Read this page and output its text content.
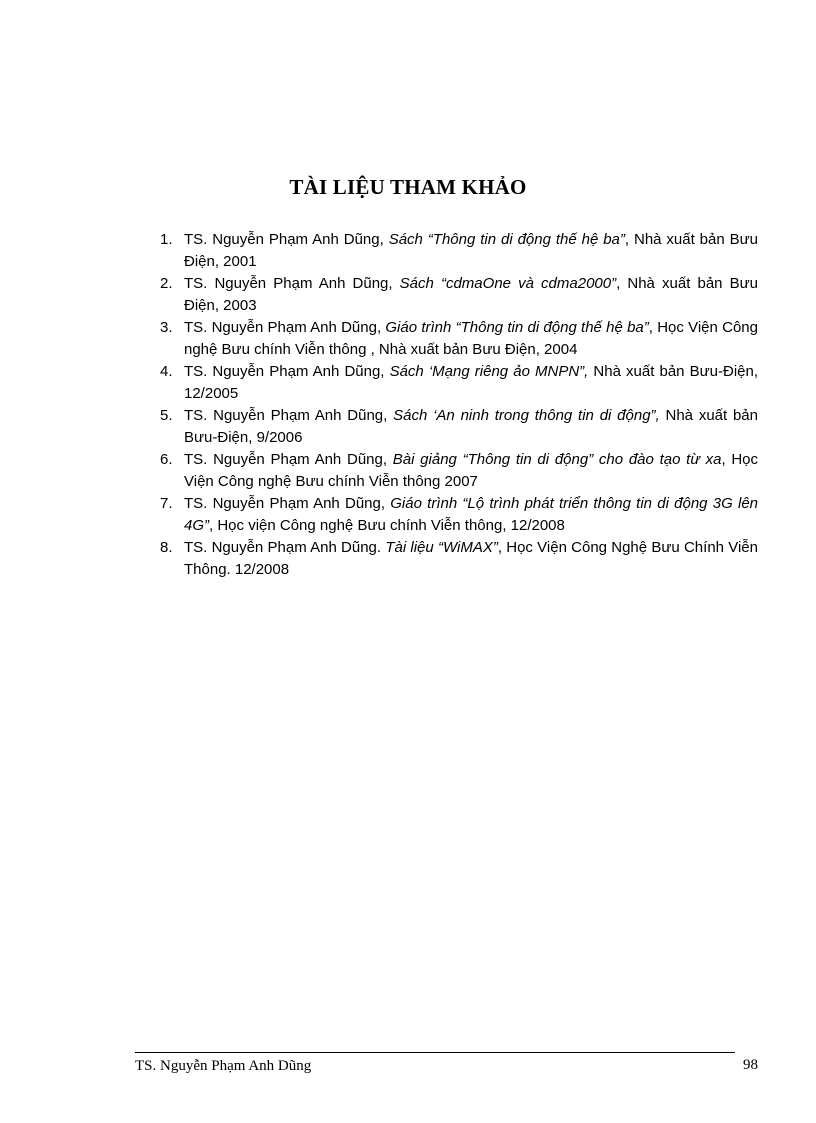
TÀI LIỆU THAM KHẢO
1. TS. Nguyễn Phạm Anh Dũng, Sách “Thông tin di động thế hệ ba”, Nhà xuất bản Bưu Điện, 2001
2. TS. Nguyễn Phạm Anh Dũng, Sách “cdmaOne và cdma2000”, Nhà xuất bản Bưu Điện, 2003
3. TS. Nguyễn Phạm Anh Dũng, Giáo trình “Thông tin di động thế hệ ba”, Học Viện Công nghệ Bưu chính Viễn thông , Nhà xuất bản Bưu Điện, 2004
4. TS. Nguyễn Phạm Anh Dũng, Sách ‘Mạng riêng ảo MNPN”, Nhà xuất bản Bưu-Điện, 12/2005
5. TS. Nguyễn Phạm Anh Dũng, Sách ‘An ninh trong thông tin di động”, Nhà xuất bản Bưu-Điện, 9/2006
6. TS. Nguyễn Phạm Anh Dũng, Bài giảng “Thông tin di động” cho đào tạo từ xa, Học Viện Công nghệ Bưu chính Viễn thông 2007
7. TS. Nguyễn Phạm Anh Dũng, Giáo trình “Lộ trình phát triển thông tin di động 3G lên 4G”, Học viện Công nghệ Bưu chính Viễn thông, 12/2008
8. TS. Nguyễn Phạm Anh Dũng. Tài liệu “WiMAX”, Học Viện Công Nghệ Bưu Chính Viễn Thông. 12/2008
TS. Nguyễn Phạm Anh Dũng	98
